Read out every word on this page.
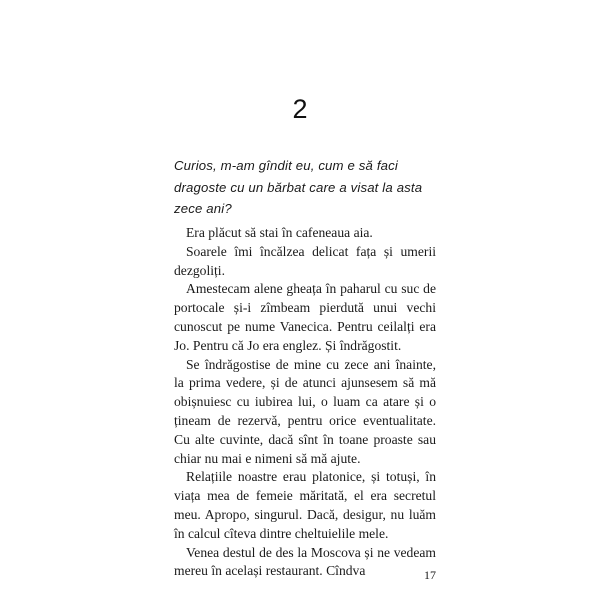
2

Curios, m-am gîndit eu, cum e să faci dragoste cu un bărbat care a visat la asta zece ani?

Era plăcut să stai în cafeneaua aia.

Soarele îmi încălzea delicat fața și umerii dezgoliți.

Amestecam alene gheața în paharul cu suc de portocale și-i zîmbeam pierdută unui vechi cunoscut pe nume Vanecica. Pentru ceilalți era Jo. Pentru că Jo era englez. Și îndrăgostit.

Se îndrăgostise de mine cu zece ani înainte, la prima vedere, și de atunci ajunsesem să mă obișnuiesc cu iubirea lui, o luam ca atare și o țineam de rezervă, pentru orice eventualitate. Cu alte cuvinte, dacă sînt în toane proaste sau chiar nu mai e nimeni să mă ajute.

Relațiile noastre erau platonice, și totuși, în viața mea de femeie măritată, el era secretul meu. Apropo, singurul. Dacă, desigur, nu luăm în calcul cîteva dintre cheltuielile mele.

Venea destul de des la Moscova și ne vedeam mereu în același restaurant. Cîndva	17
